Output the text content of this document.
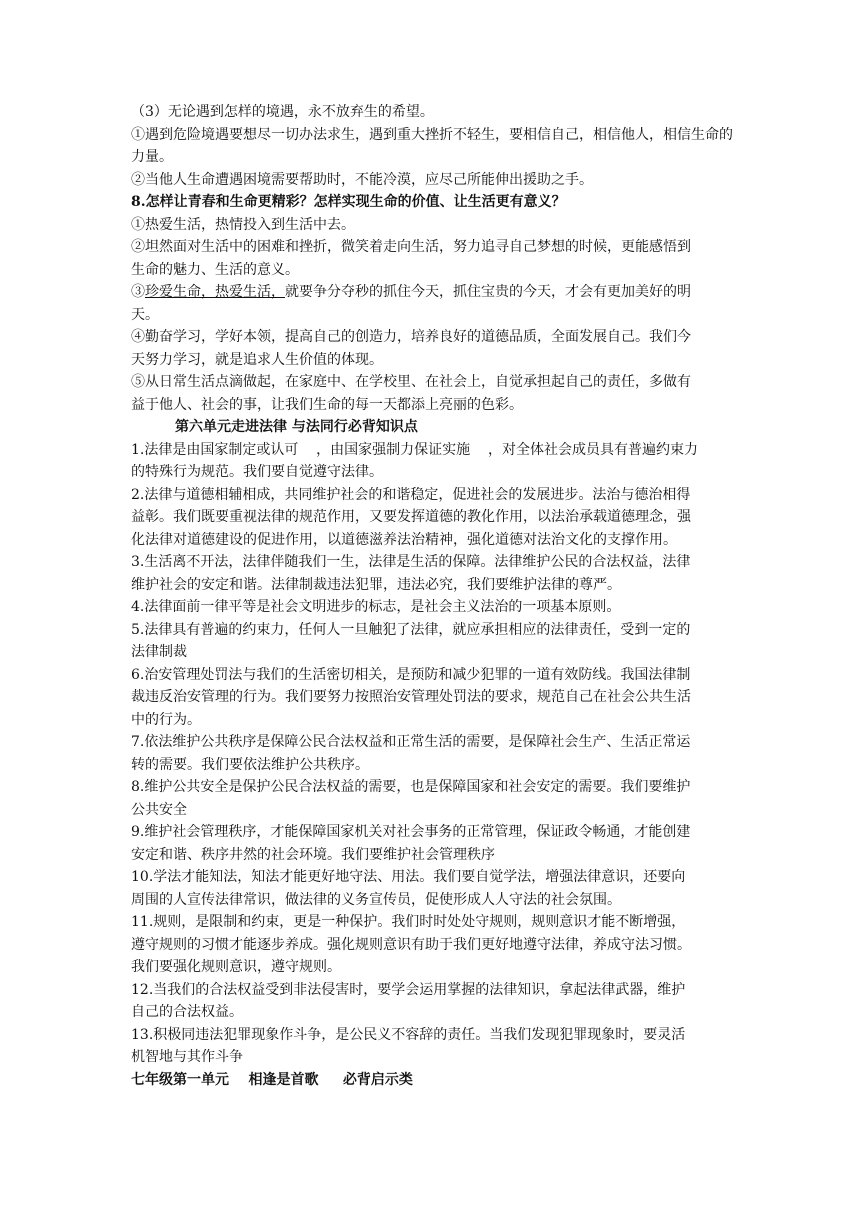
（3）无论遇到怎样的境遇，永不放弃生的希望。
①遇到危险境遇要想尽一切办法求生，遇到重大挫折不轻生，要相信自己，相信他人，相信生命的
力量。
②当他人生命遭遇困境需要帮助时，不能冷漠，应尽己所能伸出援助之手。
8.怎样让青春和生命更精彩？怎样实现生命的价值、让生活更有意义？
①热爱生活，热情投入到生活中去。
②坦然面对生活中的困难和挫折，微笑着走向生活，努力追寻自己梦想的时候，更能感悟到
生命的魅力、生活的意义。
③珍爱生命，热爱生活，就要争分夺秒的抓住今天，抓住宝贵的今天，才会有更加美好的明
天。
④勤奋学习，学好本领，提高自己的创造力，培养良好的道德品质，全面发展自己。我们今
天努力学习，就是追求人生价值的体现。
⑤从日常生活点滴做起，在家庭中、在学校里、在社会上，自觉承担起自己的责任，多做有
益于他人、社会的事，让我们生命的每一天都添上亮丽的色彩。
第六单元走进法律 与法同行必背知识点
1.法律是由国家制定或认可    ，由国家强制力保证实施    ，对全体社会成员具有普遍约束力
的特殊行为规范。我们要自觉遵守法律。
2.法律与道德相辅相成，共同维护社会的和谐稳定，促进社会的发展进步。法治与德治相得
益彰。我们既要重视法律的规范作用，又要发挥道德的教化作用，以法治承载道德理念，强
化法律对道德建设的促进作用，以道德滋养法治精神，强化道德对法治文化的支撑作用。
3.生活离不开法，法律伴随我们一生，法律是生活的保障。法律维护公民的合法权益，法律
维护社会的安定和谐。法律制裁违法犯罪，违法必究，我们要维护法律的尊严。
4.法律面前一律平等是社会文明进步的标志，是社会主义法治的一项基本原则。
5.法律具有普遍的约束力，任何人一旦触犯了法律，就应承担相应的法律责任，受到一定的
法律制裁
6.治安管理处罚法与我们的生活密切相关，是预防和减少犯罪的一道有效防线。我国法律制
裁违反治安管理的行为。我们要努力按照治安管理处罚法的要求，规范自己在社会公共生活
中的行为。
7.依法维护公共秩序是保障公民合法权益和正常生活的需要，是保障社会生产、生活正常运
转的需要。我们要依法维护公共秩序。
8.维护公共安全是保护公民合法权益的需要，也是保障国家和社会安定的需要。我们要维护
公共安全
9.维护社会管理秩序，才能保障国家机关对社会事务的正常管理，保证政令畅通，才能创建
安定和谐、秩序井然的社会环境。我们要维护社会管理秩序
10.学法才能知法，知法才能更好地守法、用法。我们要自觉学法，增强法律意识，还要向
周围的人宣传法律常识，做法律的义务宣传员，促使形成人人守法的社会氛围。
11.规则，是限制和约束，更是一种保护。我们时时处处守规则，规则意识才能不断增强，
遵守规则的习惯才能逐步养成。强化规则意识有助于我们更好地遵守法律，养成守法习惯。
我们要强化规则意识，遵守规则。
12.当我们的合法权益受到非法侵害时，要学会运用掌握的法律知识，拿起法律武器，维护
自己的合法权益。
13.积极同违法犯罪现象作斗争，是公民义不容辞的责任。当我们发现犯罪现象时，要灵活
机智地与其作斗争
七年级第一单元    相逢是首歌     必背启示类
